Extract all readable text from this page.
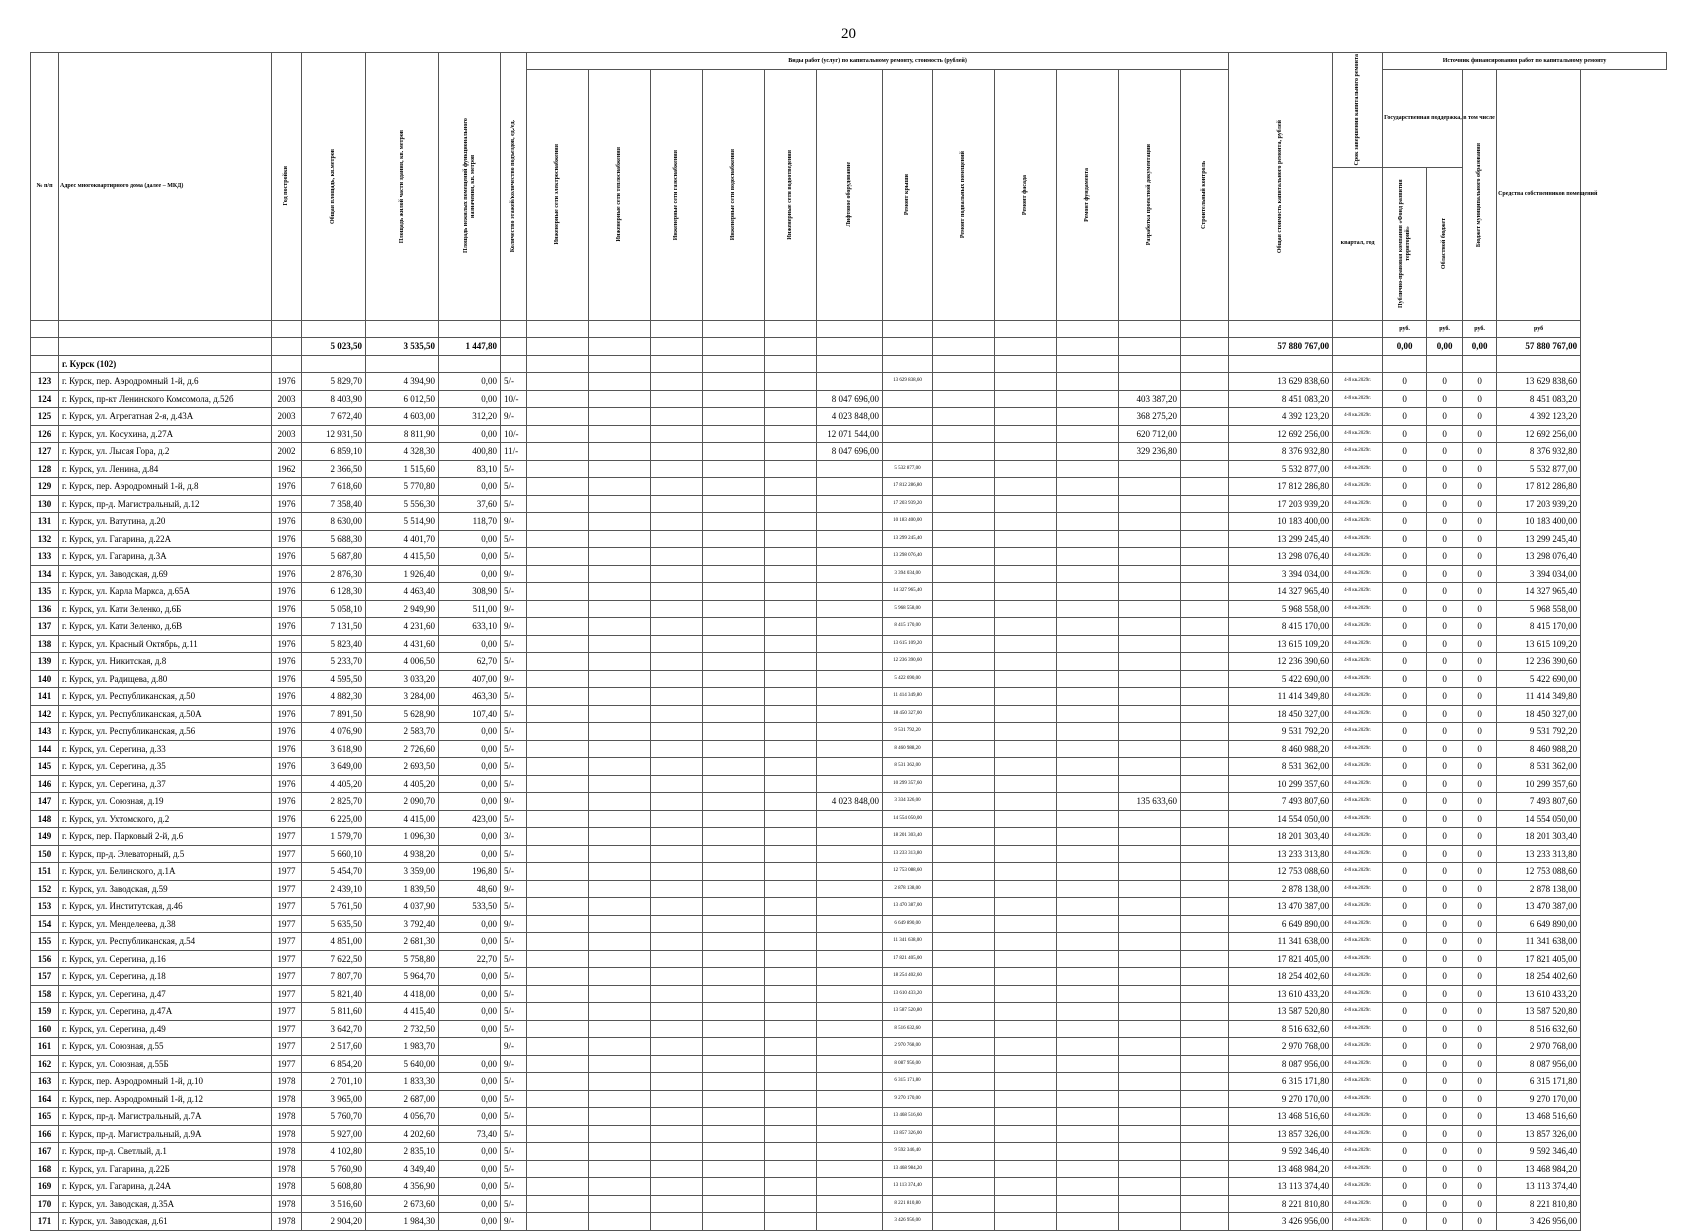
20
№ п/п	Адрес многоквартирного дома (далее – МКД)	Год постройки	Общая площадь, кв.метров	Площадь жилой части здания, кв. метров	Площадь нежилых помещений функционального назначения, кв. метров	Количество этажей/количество подъездов, ед./ед.	Виды работ (услуг) по капитальному ремонту, стоимость (рублей)												Общая стоимость капитального ремонта, рублей	Срок завершения капитального ремонта	Источник финансирования работ по капитальному ремонту			

							Инженерные сети электроснабжения	Инженерные сети теплоснабжения	Инженерные сети газоснабжения	Инженерные сети водоснабжения	Инженерные сети водоотведения	Лифтовое оборудование	Ремонт крыши	Ремонт подвальных помещений	Ремонт фасада	Ремонт фундамента	Разработка проектной документации	Строительный контроль			Государственная поддержка, в том числе		Бюджет муниципального образования	Средства собственников помещений
																				квартал, год	Публично-правовая компания «Фонд развития территорий»	Областной бюджет		

																					руб.	руб.	руб.	руб
			5 023,50	3 535,50	1 447,80														57 880 767,00		0,00	0,00	0,00	57 880 767,00
	г. Курск (102)																							
123	г. Курск, пер. Аэродромный 1-й, д.6	1976	5 829,70	4 394,90	0,00	5/-							13 629 838,60						13 629 838,60	4-й кв.2029г.	0	0	0	13 629 838,60
124	г. Курск, пр-кт Ленинского Комсомола, д.52б	2003	8 403,90	6 012,50	0,00	10/-						8 047 696,00					403 387,20		8 451 083,20	4-й кв.2029г.	0	0	0	8 451 083,20
125	г. Курск, ул. Агрегатная 2-я, д.43А	2003	7 672,40	4 603,00	312,20	9/-						4 023 848,00					368 275,20		4 392 123,20	4-й кв.2029г.	0	0	0	4 392 123,20
126	г. Курск, ул. Косухина, д.27А	2003	12 931,50	8 811,90	0,00	10/-						12 071 544,00					620 712,00		12 692 256,00	4-й кв.2029г.	0	0	0	12 692 256,00
127	г. Курск, ул. Лысая Гора, д.2	2002	6 859,10	4 328,30	400,80	11/-						8 047 696,00					329 236,80		8 376 932,80	4-й кв.2029г.	0	0	0	8 376 932,80
128	г. Курск, ул. Ленина, д.84	1962	2 366,50	1 515,60	83,10	5/-							5 532 877,00						5 532 877,00	4-й кв.2029г.	0	0	0	5 532 877,00
129	г. Курск, пер. Аэродромный 1-й, д.8	1976	7 618,60	5 770,80	0,00	5/-							17 812 286,80						17 812 286,80	4-й кв.2029г.	0	0	0	17 812 286,80
130	г. Курск, пр-д. Магистральный, д.12	1976	7 358,40	5 556,30	37,60	5/-							17 203 939,20						17 203 939,20	4-й кв.2029г.	0	0	0	17 203 939,20
131	г. Курск, ул. Ватутина, д.20	1976	8 630,00	5 514,90	118,70	9/-							10 183 400,00						10 183 400,00	4-й кв.2029г.	0	0	0	10 183 400,00
132	г. Курск, ул. Гагарина, д.22А	1976	5 688,30	4 401,70	0,00	5/-							13 299 245,40						13 299 245,40	4-й кв.2029г.	0	0	0	13 299 245,40
133	г. Курск, ул. Гагарина, д.3А	1976	5 687,80	4 415,50	0,00	5/-							13 298 076,40						13 298 076,40	4-й кв.2029г.	0	0	0	13 298 076,40
134	г. Курск, ул. Заводская, д.69	1976	2 876,30	1 926,40	0,00	9/-							3 394 034,00						3 394 034,00	4-й кв.2029г.	0	0	0	3 394 034,00
135	г. Курск, ул. Карла Маркса, д.65А	1976	6 128,30	4 463,40	308,90	5/-							14 327 965,40						14 327 965,40	4-й кв.2029г.	0	0	0	14 327 965,40
136	г. Курск, ул. Кати Зеленко, д.6Б	1976	5 058,10	2 949,90	511,00	9/-							5 968 558,00						5 968 558,00	4-й кв.2029г.	0	0	0	5 968 558,00
137	г. Курск, ул. Кати Зеленко, д.6В	1976	7 131,50	4 231,60	633,10	9/-							8 415 170,00						8 415 170,00	4-й кв.2029г.	0	0	0	8 415 170,00
138	г. Курск, ул. Красный Октябрь, д.11	1976	5 823,40	4 431,60	0,00	5/-							13 615 109,20						13 615 109,20	4-й кв.2029г.	0	0	0	13 615 109,20
139	г. Курск, ул. Никитская, д.8	1976	5 233,70	4 006,50	62,70	5/-							12 236 390,60						12 236 390,60	4-й кв.2029г.	0	0	0	12 236 390,60
140	г. Курск, ул. Радищева, д.80	1976	4 595,50	3 033,20	407,00	9/-							5 422 690,00						5 422 690,00	4-й кв.2029г.	0	0	0	5 422 690,00
141	г. Курск, ул. Республиканская, д.50	1976	4 882,30	3 284,00	463,30	5/-							11 414 349,80						11 414 349,80	4-й кв.2029г.	0	0	0	11 414 349,80
142	г. Курск, ул. Республиканская, д.50А	1976	7 891,50	5 628,90	107,40	5/-							18 450 327,00						18 450 327,00	4-й кв.2029г.	0	0	0	18 450 327,00
143	г. Курск, ул. Республиканская, д.56	1976	4 076,90	2 583,70	0,00	5/-							9 531 792,20						9 531 792,20	4-й кв.2029г.	0	0	0	9 531 792,20
144	г. Курск, ул. Серегина, д.33	1976	3 618,90	2 726,60	0,00	5/-							8 460 988,20						8 460 988,20	4-й кв.2029г.	0	0	0	8 460 988,20
145	г. Курск, ул. Серегина, д.35	1976	3 649,00	2 693,50	0,00	5/-							8 531 362,00						8 531 362,00	4-й кв.2029г.	0	0	0	8 531 362,00
146	г. Курск, ул. Серегина, д.37	1976	4 405,20	4 405,20	0,00	5/-							10 299 357,60						10 299 357,60	4-й кв.2029г.	0	0	0	10 299 357,60
147	г. Курск, ул. Союзная, д.19	1976	2 825,70	2 090,70	0,00	9/-						4 023 848,00	3 334 326,00				135 633,60		7 493 807,60	4-й кв.2029г.	0	0	0	7 493 807,60
148	г. Курск, ул. Ухтомского, д.2	1976	6 225,00	4 415,00	423,00	5/-							14 554 050,00						14 554 050,00	4-й кв.2029г.	0	0	0	14 554 050,00
149	г. Курск, пер. Парковый 2-й, д.6	1977	1 579,70	1 096,30	0,00	3/-							18 201 303,40						18 201 303,40	4-й кв.2029г.	0	0	0	18 201 303,40
150	г. Курск, пр-д. Элеваторный, д.5	1977	5 660,10	4 938,20	0,00	5/-							13 233 313,80						13 233 313,80	4-й кв.2029г.	0	0	0	13 233 313,80
151	г. Курск, ул. Белинского, д.1А	1977	5 454,70	3 359,00	196,80	5/-							12 753 088,60						12 753 088,60	4-й кв.2029г.	0	0	0	12 753 088,60
152	г. Курск, ул. Заводская, д.59	1977	2 439,10	1 839,50	48,60	9/-							2 878 138,00						2 878 138,00	4-й кв.2029г.	0	0	0	2 878 138,00
153	г. Курск, ул. Институтская, д.46	1977	5 761,50	4 037,90	533,50	5/-							13 470 387,00						13 470 387,00	4-й кв.2029г.	0	0	0	13 470 387,00
154	г. Курск, ул. Менделеева, д.38	1977	5 635,50	3 792,40	0,00	9/-							6 649 890,00						6 649 890,00	4-й кв.2029г.	0	0	0	6 649 890,00
155	г. Курск, ул. Республиканская, д.54	1977	4 851,00	2 681,30	0,00	5/-							11 341 638,00						11 341 638,00	4-й кв.2029г.	0	0	0	11 341 638,00
156	г. Курск, ул. Серегина, д.16	1977	7 622,50	5 758,80	22,70	5/-							17 821 405,00						17 821 405,00	4-й кв.2029г.	0	0	0	17 821 405,00
157	г. Курск, ул. Серегина, д.18	1977	7 807,70	5 964,70	0,00	5/-							18 254 402,60						18 254 402,60	4-й кв.2029г.	0	0	0	18 254 402,60
158	г. Курск, ул. Серегина, д.47	1977	5 821,40	4 418,00	0,00	5/-							13 610 433,20						13 610 433,20	4-й кв.2029г.	0	0	0	13 610 433,20
159	г. Курск, ул. Серегина, д.47А	1977	5 811,60	4 415,40	0,00	5/-							13 587 520,80						13 587 520,80	4-й кв.2029г.	0	0	0	13 587 520,80
160	г. Курск, ул. Серегина, д.49	1977	3 642,70	2 732,50	0,00	5/-							8 516 632,60						8 516 632,60	4-й кв.2029г.	0	0	0	8 516 632,60
161	г. Курск, ул. Союзная, д.55	1977	2 517,60	1 983,70		9/-							2 970 768,00						2 970 768,00	4-й кв.2029г.	0	0	0	2 970 768,00
162	г. Курск, ул. Союзная, д.55Б	1977	6 854,20	5 640,00	0,00	9/-							8 087 956,00						8 087 956,00	4-й кв.2029г.	0	0	0	8 087 956,00
163	г. Курск, пер. Аэродромный 1-й, д.10	1978	2 701,10	1 833,30	0,00	5/-							6 315 171,80						6 315 171,80	4-й кв.2029г.	0	0	0	6 315 171,80
164	г. Курск, пер. Аэродромный 1-й, д.12	1978	3 965,00	2 687,00	0,00	5/-							9 270 170,00						9 270 170,00	4-й кв.2029г.	0	0	0	9 270 170,00
165	г. Курск, пр-д. Магистральный, д.7А	1978	5 760,70	4 056,70	0,00	5/-							13 468 516,60						13 468 516,60	4-й кв.2029г.	0	0	0	13 468 516,60
166	г. Курск, пр-д. Магистральный, д.9А	1978	5 927,00	4 202,60	73,40	5/-							13 857 326,00						13 857 326,00	4-й кв.2029г.	0	0	0	13 857 326,00
167	г. Курск, пр-д. Светлый, д.1	1978	4 102,80	2 835,10	0,00	5/-							9 592 346,40						9 592 346,40	4-й кв.2029г.	0	0	0	9 592 346,40
168	г. Курск, ул. Гагарина, д.22Б	1978	5 760,90	4 349,40	0,00	5/-							13 468 984,20						13 468 984,20	4-й кв.2029г.	0	0	0	13 468 984,20
169	г. Курск, ул. Гагарина, д.24А	1978	5 608,80	4 356,90	0,00	5/-							13 113 374,40						13 113 374,40	4-й кв.2029г.	0	0	0	13 113 374,40
170	г. Курск, ул. Заводская, д.35А	1978	3 516,60	2 673,60	0,00	5/-							8 221 810,80						8 221 810,80	4-й кв.2029г.	0	0	0	8 221 810,80
171	г. Курск, ул. Заводская, д.61	1978	2 904,20	1 984,30	0,00	9/-							3 426 956,00						3 426 956,00	4-й кв.2029г.	0	0	0	3 426 956,00
